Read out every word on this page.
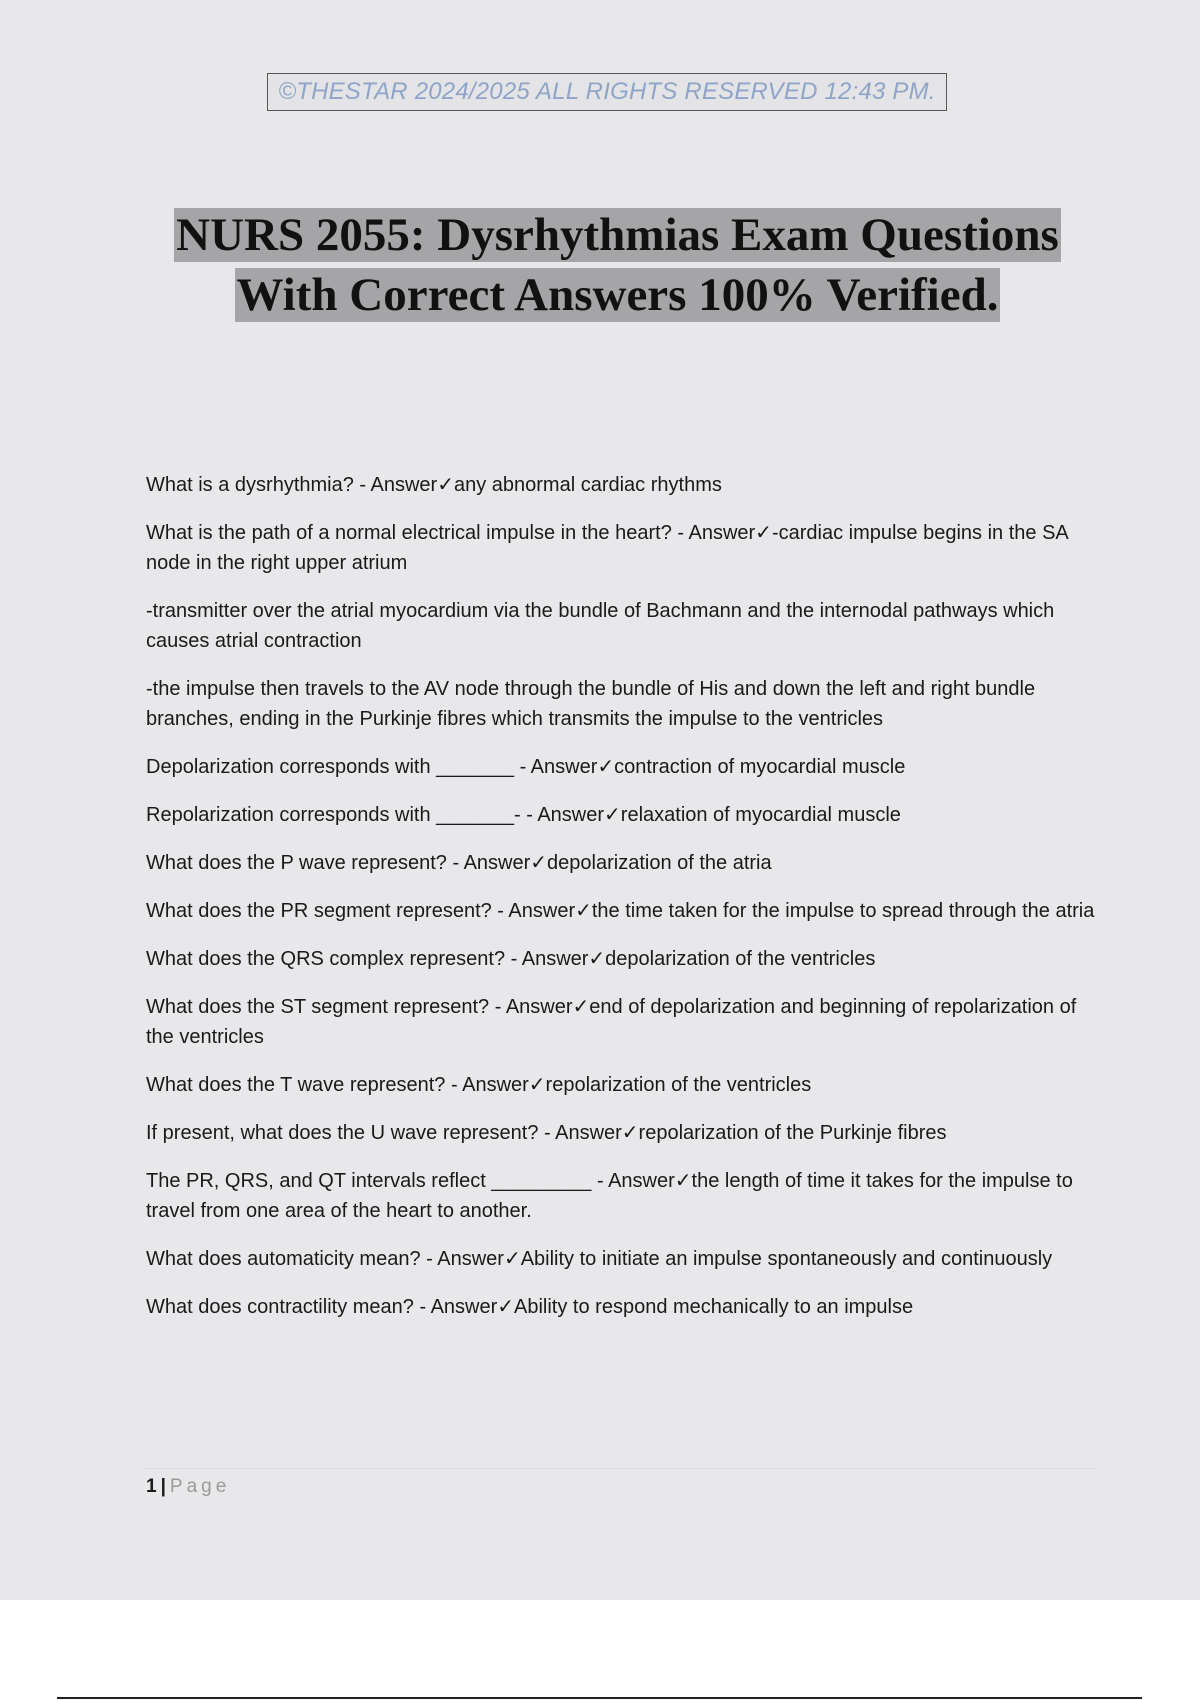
©THESTAR 2024/2025 ALL RIGHTS RESERVED 12:43 PM.
NURS 2055: Dysrhythmias Exam Questions
With Correct Answers 100% Verified.

What is a dysrhythmia? - Answer✓any abnormal cardiac rhythms

What is the path of a normal electrical impulse in the heart? - Answer✓-cardiac impulse begins in the SA node in the right upper atrium

-transmitter over the atrial myocardium via the bundle of Bachmann and the internodal pathways which causes atrial contraction

-the impulse then travels to the AV node through the bundle of His and down the left and right bundle branches, ending in the Purkinje fibres which transmits the impulse to the ventricles

Depolarization corresponds with _______ - Answer✓contraction of myocardial muscle

Repolarization corresponds with _______- - Answer✓relaxation of myocardial muscle

What does the P wave represent? - Answer✓depolarization of the atria

What does the PR segment represent? - Answer✓the time taken for the impulse to spread through the atria

What does the QRS complex represent? - Answer✓depolarization of the ventricles

What does the ST segment represent? - Answer✓end of depolarization and beginning of repolarization of the ventricles

What does the T wave represent? - Answer✓repolarization of the ventricles

If present, what does the U wave represent? - Answer✓repolarization of the Purkinje fibres

The PR, QRS, and QT intervals reflect _________ - Answer✓the length of time it takes for the impulse to travel from one area of the heart to another.

What does automaticity mean? - Answer✓Ability to initiate an impulse spontaneously and continuously

What does contractility mean? - Answer✓Ability to respond mechanically to an impulse

1 | Page
